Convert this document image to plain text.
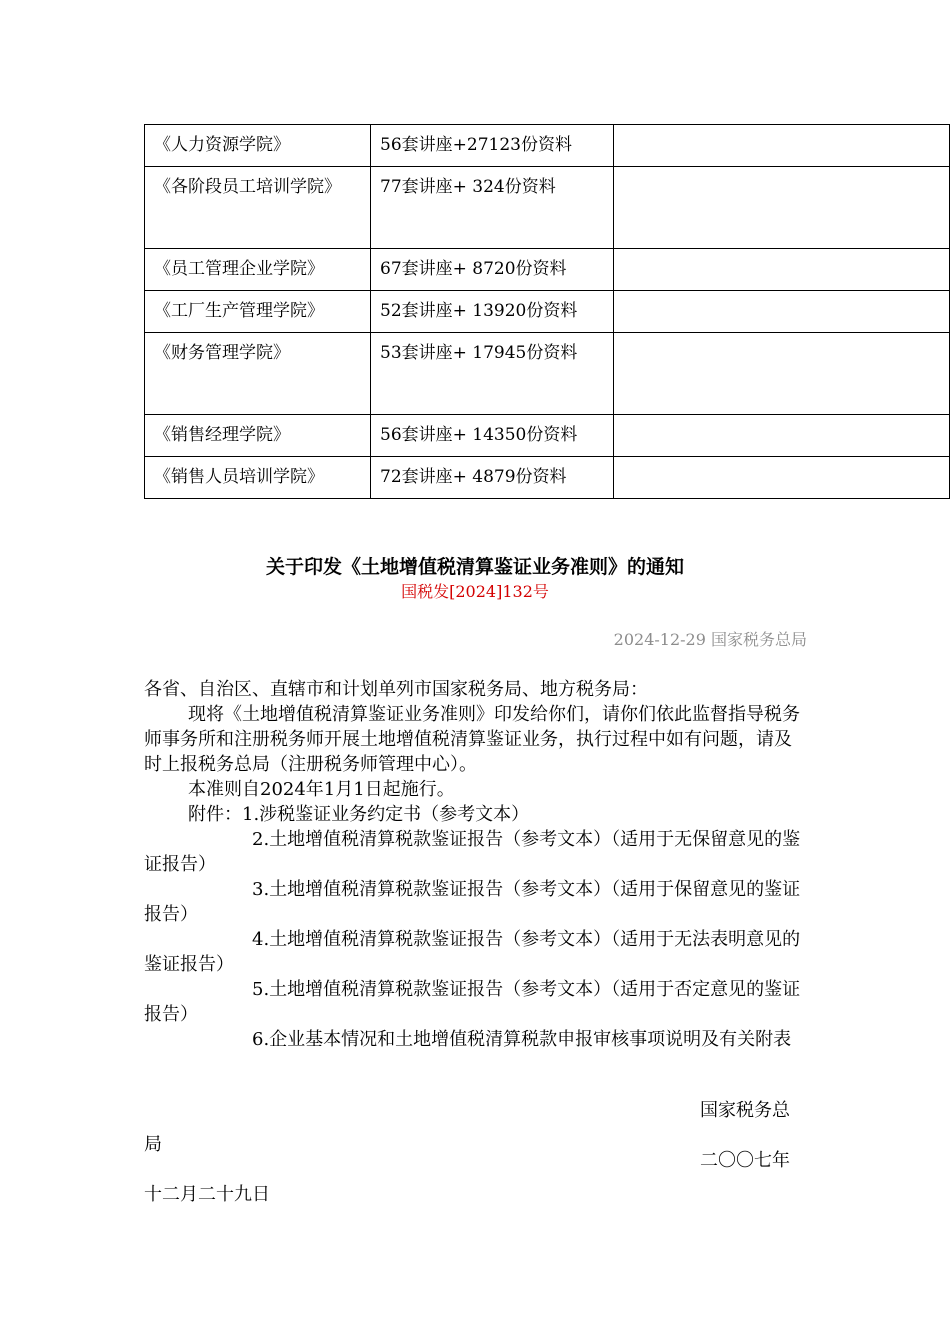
《人力资源学院》	56套讲座+27123份资料	
《各阶段员工培训学院》	77套讲座+ 324份资料	
《员工管理企业学院》	67套讲座+ 8720份资料	
《工厂生产管理学院》	52套讲座+ 13920份资料	
《财务管理学院》	53套讲座+ 17945份资料	
《销售经理学院》	56套讲座+ 14350份资料	
《销售人员培训学院》	72套讲座+ 4879份资料	
关于印发《土地增值税清算鉴证业务准则》的通知
国税发[2024]132号
2024-12-29 国家税务总局

各省、自治区、直辖市和计划单列市国家税务局、地方税务局：

现将《土地增值税清算鉴证业务准则》印发给你们，请你们依此监督指导税务师事务所和注册税务师开展土地增值税清算鉴证业务，执行过程中如有问题，请及时上报税务总局（注册税务师管理中心）。

本准则自2024年1月1日起施行。

附件：1.涉税鉴证业务约定书（参考文本）

2.土地增值税清算税款鉴证报告（参考文本）（适用于无保留意见的鉴证报告）

3.土地增值税清算税款鉴证报告（参考文本）（适用于保留意见的鉴证报告）

4.土地增值税清算税款鉴证报告（参考文本）（适用于无法表明意见的鉴证报告）

5.土地增值税清算税款鉴证报告（参考文本）（适用于否定意见的鉴证报告）

6.企业基本情况和土地增值税清算税款申报审核事项说明及有关附表

国家税务总
局
二〇〇七年
十二月二十九日
